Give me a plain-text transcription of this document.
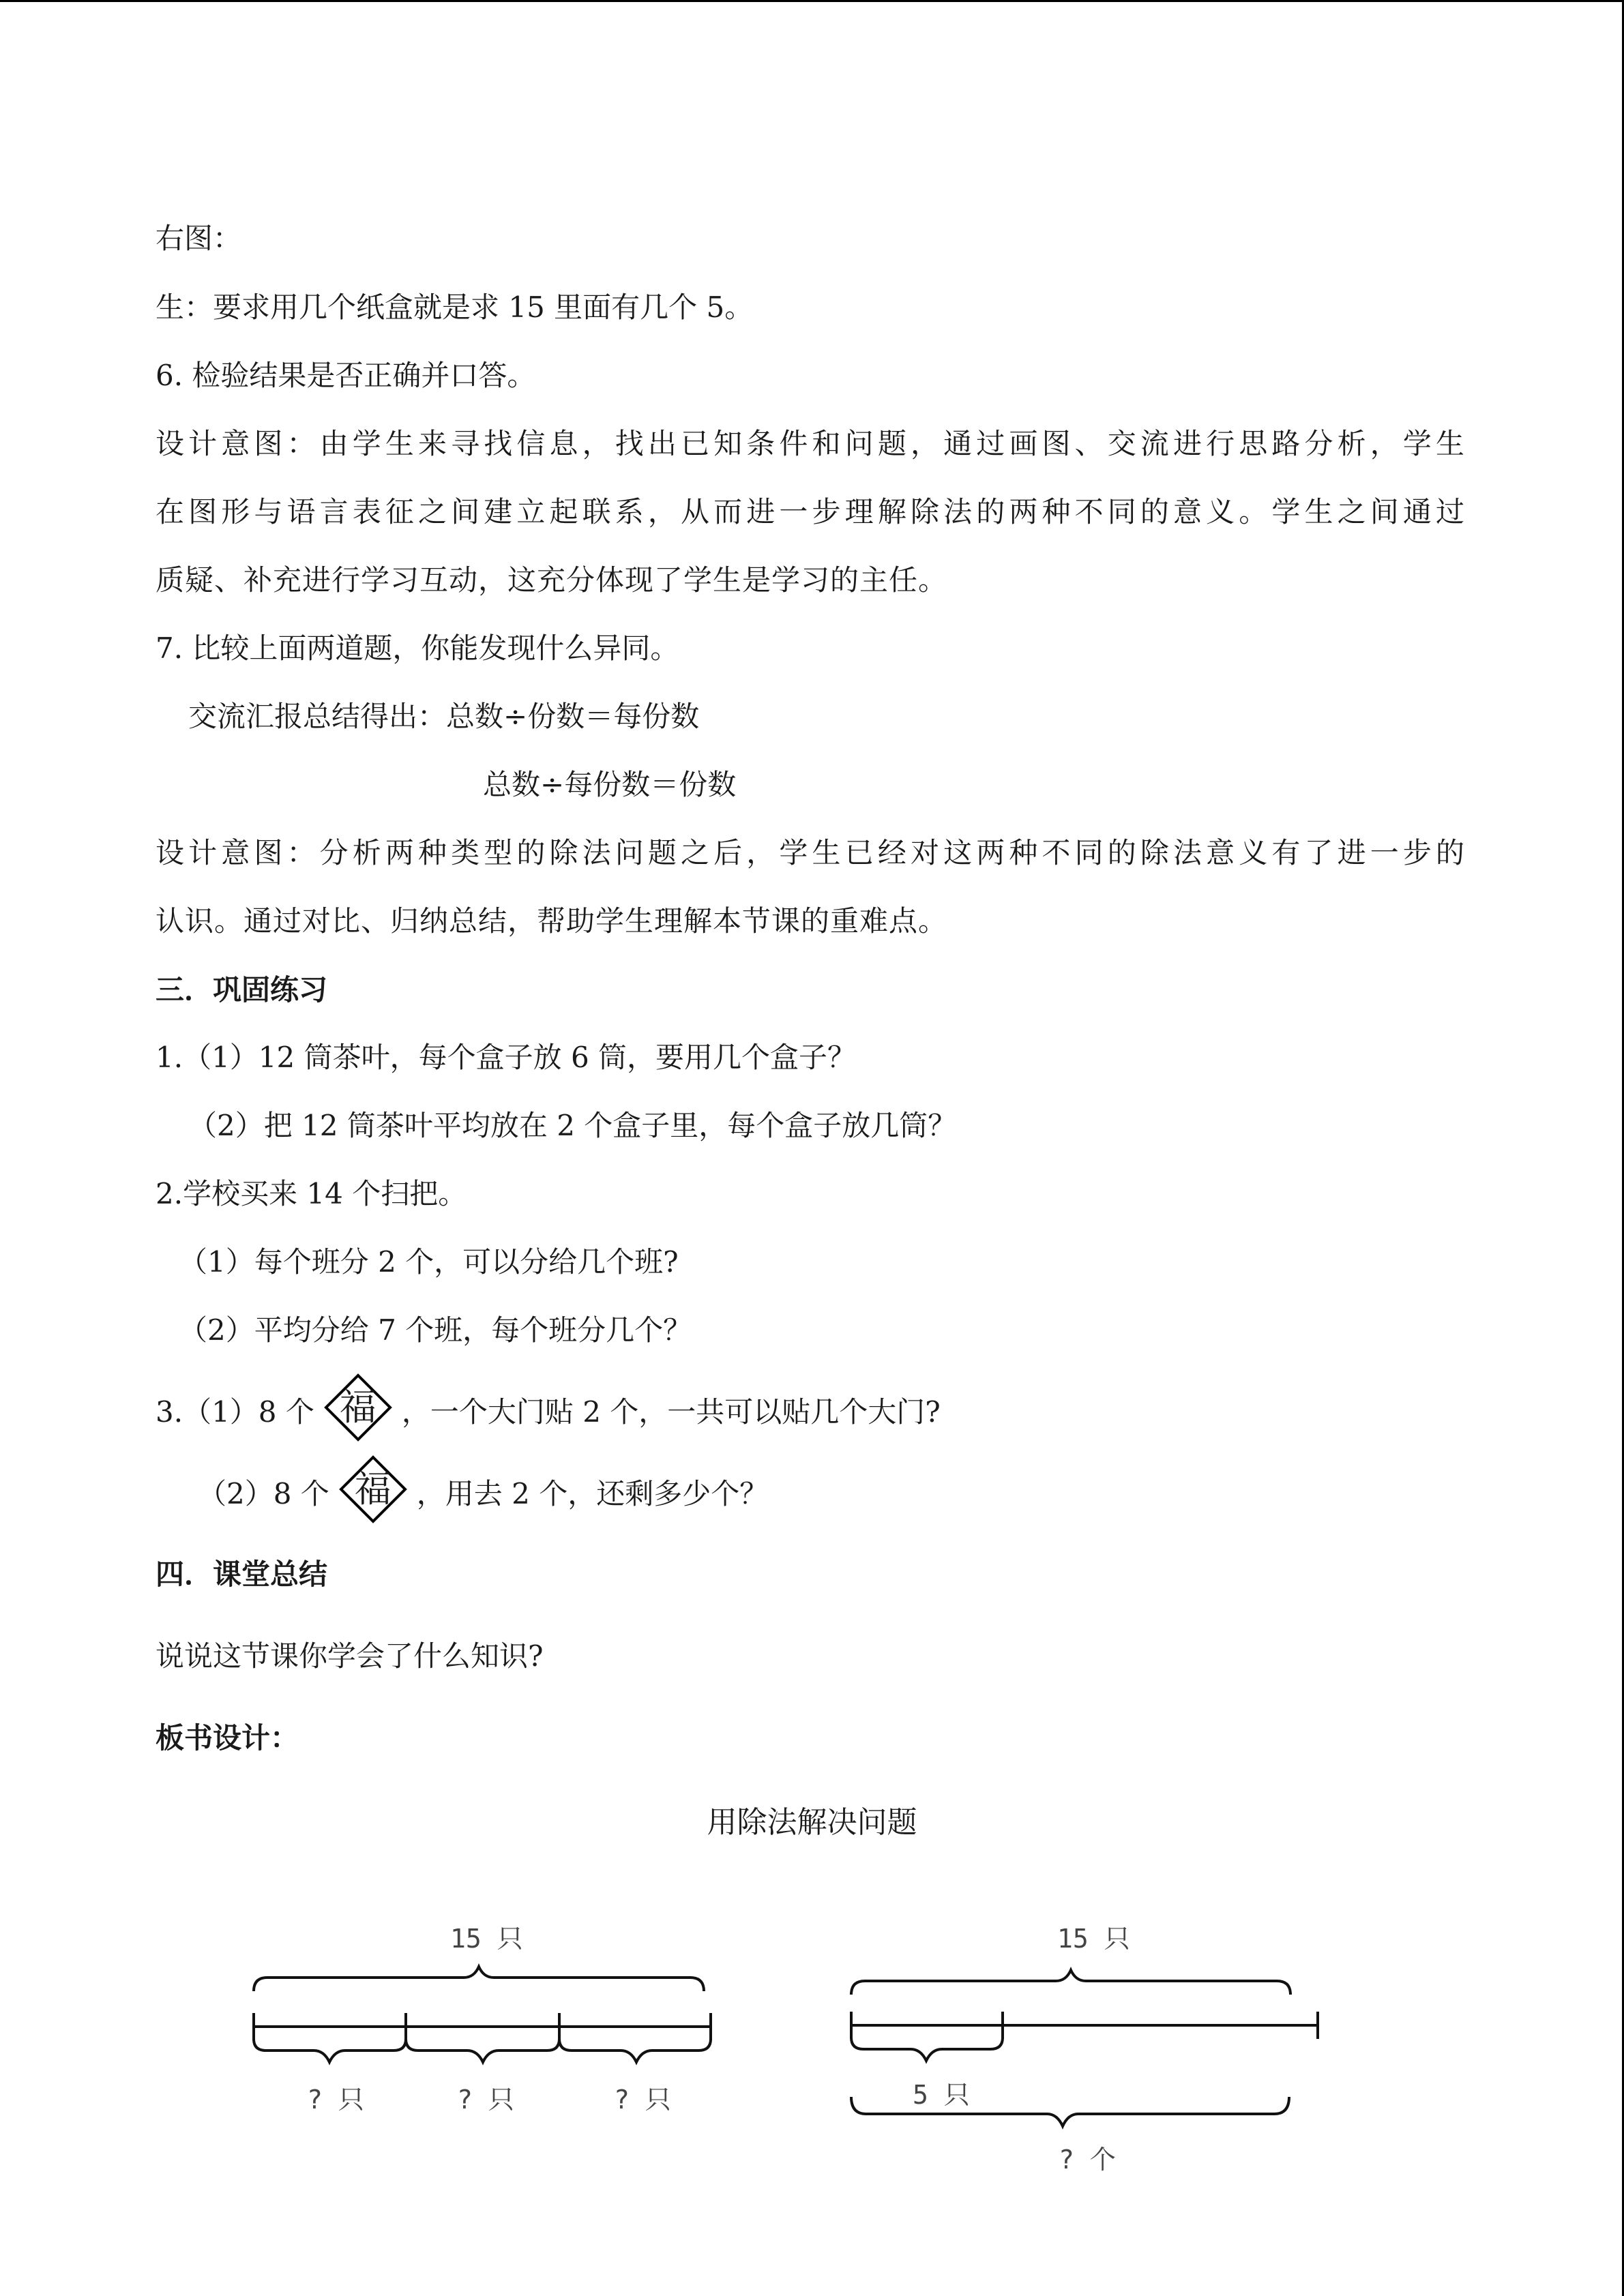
右图：
生：要求用几个纸盒就是求 15 里面有几个 5。
6. 检验结果是否正确并口答。
设计意图：由学生来寻找信息，找出已知条件和问题，通过画图、交流进行思路分析，学生
在图形与语言表征之间建立起联系，从而进一步理解除法的两种不同的意义。学生之间通过
质疑、补充进行学习互动，这充分体现了学生是学习的主任。
7. 比较上面两道题，你能发现什么异同。
交流汇报总结得出：总数÷份数＝每份数
总数÷每份数＝份数
设计意图：分析两种类型的除法问题之后，学生已经对这两种不同的除法意义有了进一步的
认识。通过对比、归纳总结，帮助学生理解本节课的重难点。
三．巩固练习
1.（1）12 筒茶叶，每个盒子放 6 筒，要用几个盒子？
（2）把 12 筒茶叶平均放在 2 个盒子里，每个盒子放几筒？
2.学校买来 14 个扫把。
（1）每个班分 2 个，可以分给几个班?
（2）平均分给 7 个班，每个班分几个？
3.（1）8 个 福 ，一个大门贴 2 个，一共可以贴几个大门?
（2）8 个 福 ，用去 2 个，还剩多少个？
四．课堂总结
说说这节课你学会了什么知识?
板书设计：
用除法解决问题
15 只
? 只	? 只	? 只
15 只
5 只
? 个
